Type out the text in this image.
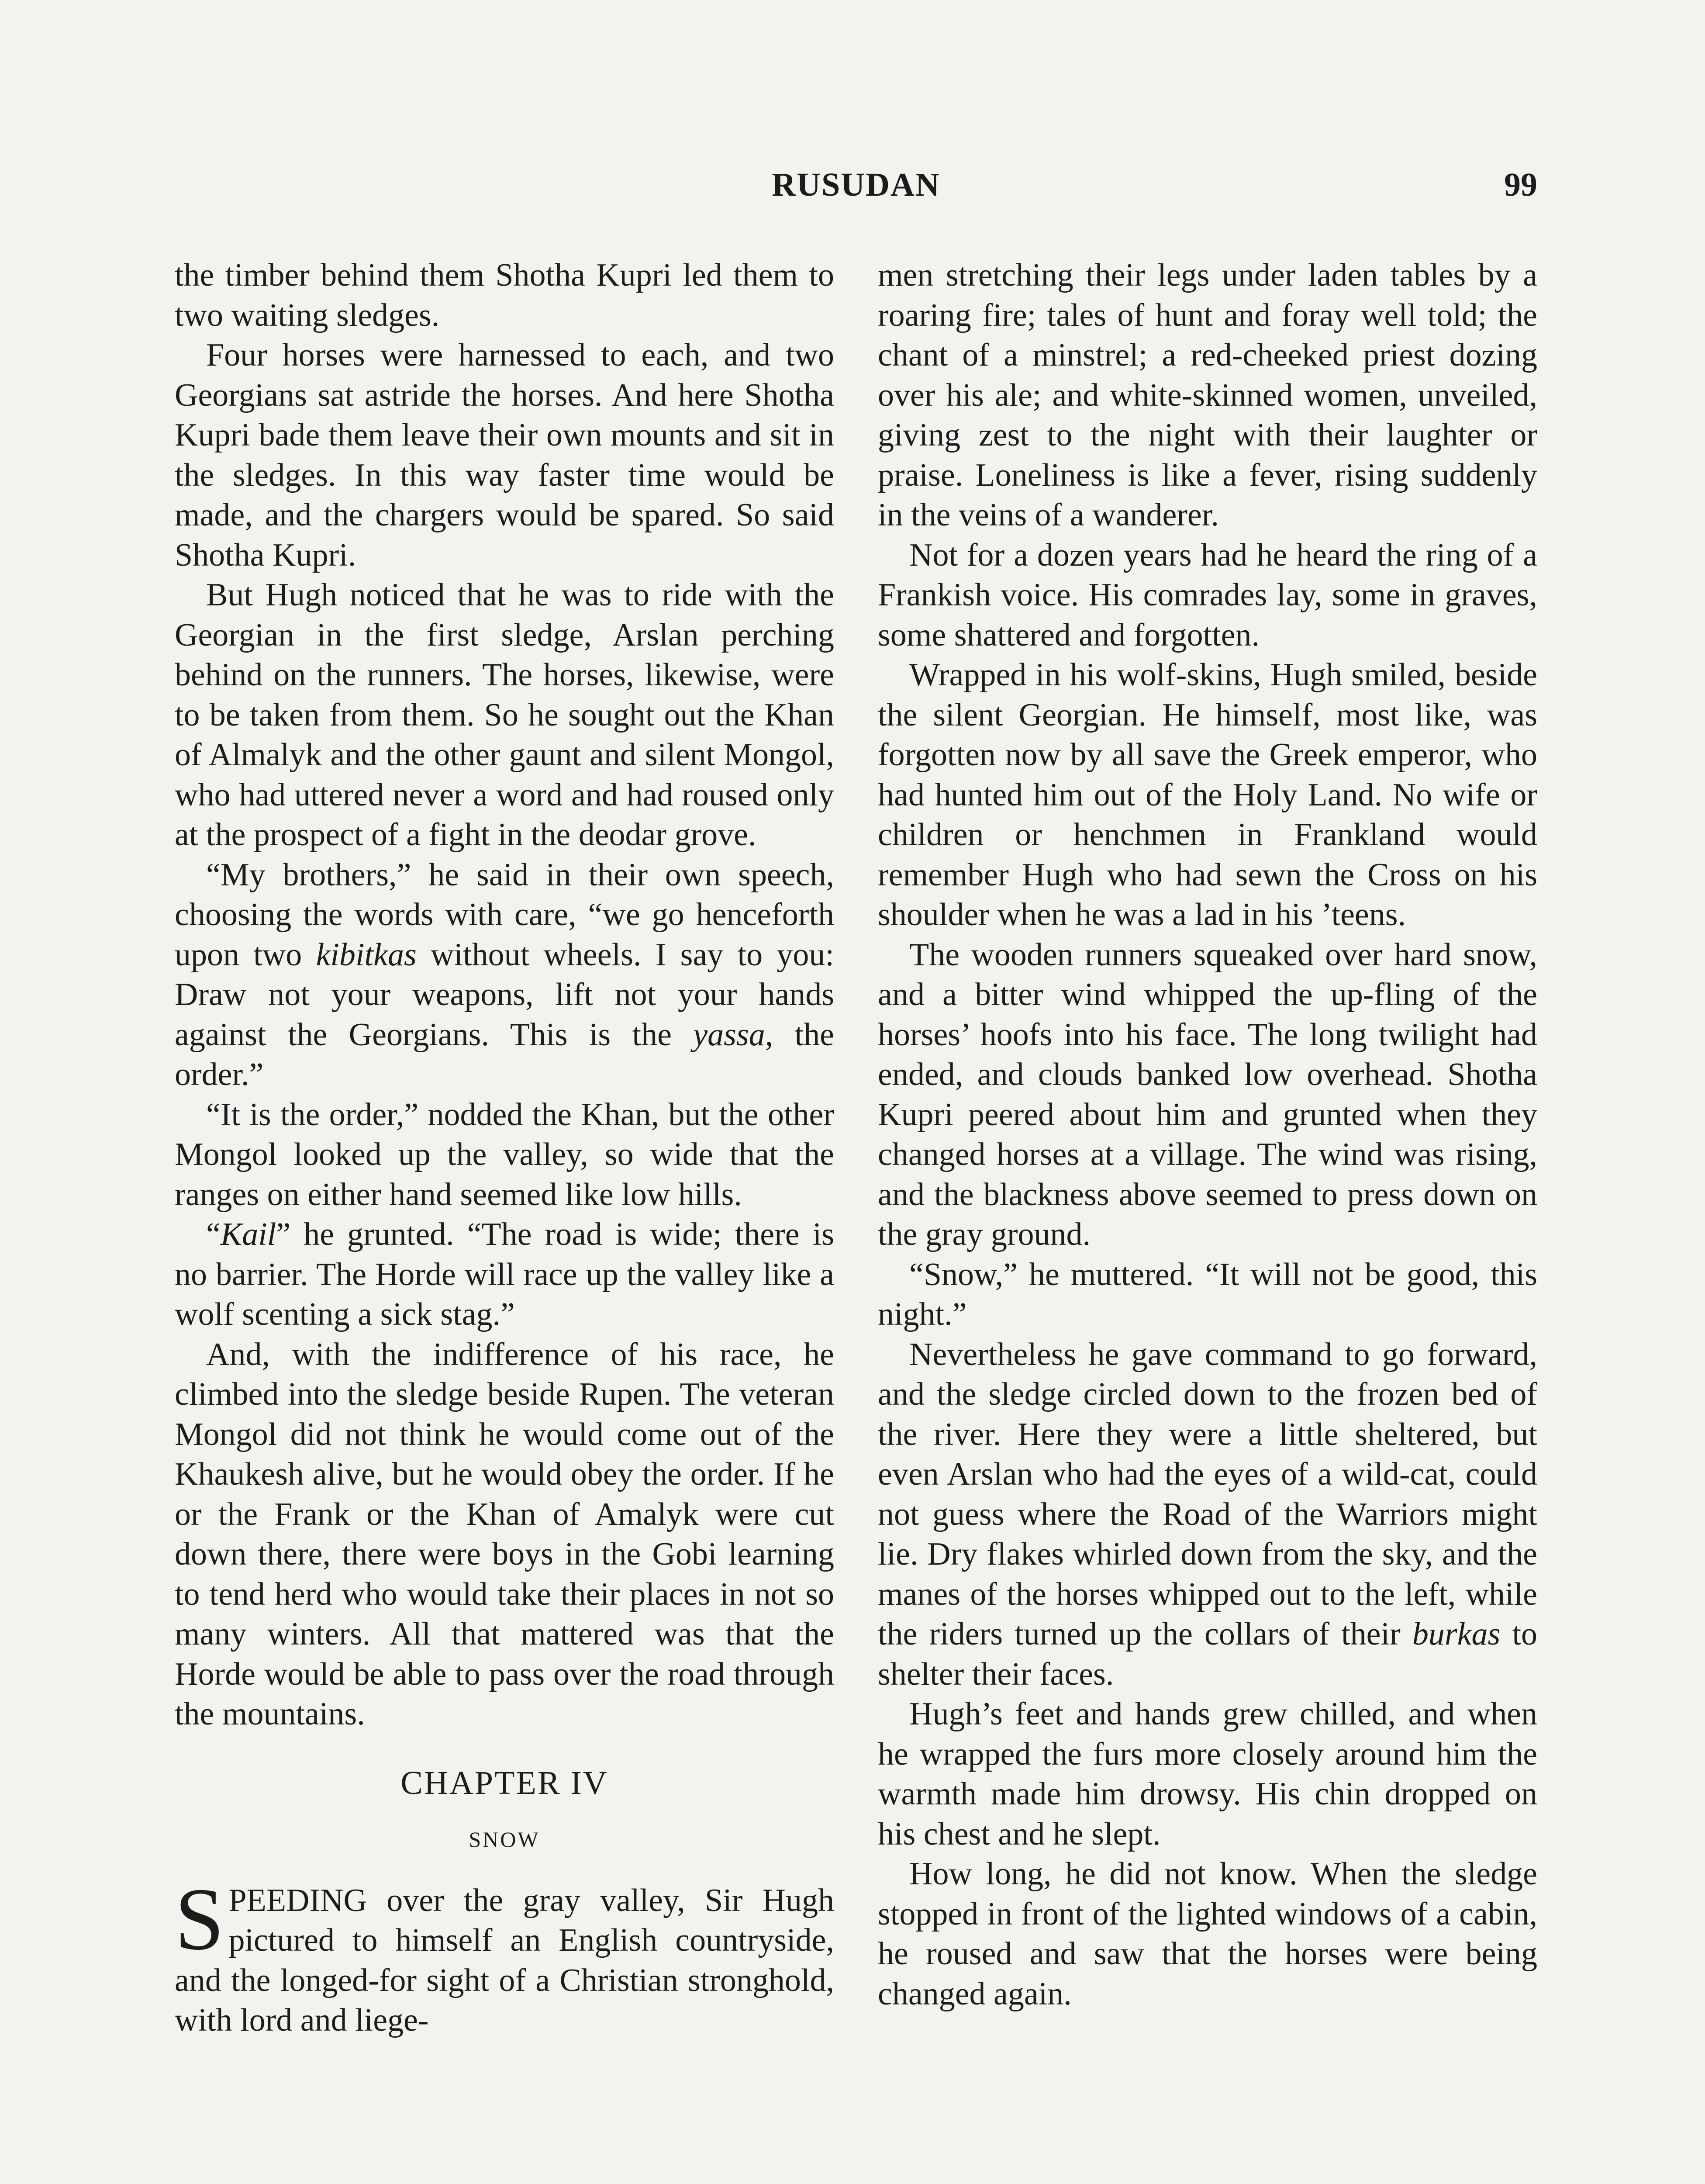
RUSUDAN	99

the timber behind them Shotha Kupri led them to two waiting sledges.

Four horses were harnessed to each, and two Georgians sat astride the horses. And here Shotha Kupri bade them leave their own mounts and sit in the sledges. In this way faster time would be made, and the chargers would be spared. So said Shotha Kupri.

But Hugh noticed that he was to ride with the Georgian in the first sledge, Arslan perching behind on the runners. The horses, likewise, were to be taken from them. So he sought out the Khan of Almalyk and the other gaunt and silent Mongol, who had uttered never a word and had roused only at the prospect of a fight in the deodar grove.

“My brothers,” he said in their own speech, choosing the words with care, “we go henceforth upon two kibitkas without wheels. I say to you: Draw not your weapons, lift not your hands against the Georgians. This is the yassa, the order.”

“It is the order,” nodded the Khan, but the other Mongol looked up the valley, so wide that the ranges on either hand seemed like low hills.

“Kail” he grunted. “The road is wide; there is no barrier. The Horde will race up the valley like a wolf scenting a sick stag.”

And, with the indifference of his race, he climbed into the sledge beside Rupen. The veteran Mongol did not think he would come out of the Khaukesh alive, but he would obey the order. If he or the Frank or the Khan of Amalyk were cut down there, there were boys in the Gobi learning to tend herd who would take their places in not so many winters. All that mattered was that the Horde would be able to pass over the road through the mountains.

CHAPTER IV
SNOW

SPEEDING over the gray valley, Sir Hugh pictured to himself an English countryside, and the longed-for sight of a Christian stronghold, with lord and liege-

men stretching their legs under laden tables by a roaring fire; tales of hunt and foray well told; the chant of a minstrel; a red-cheeked priest dozing over his ale; and white-skinned women, unveiled, giving zest to the night with their laughter or praise. Loneliness is like a fever, rising suddenly in the veins of a wanderer.

Not for a dozen years had he heard the ring of a Frankish voice. His comrades lay, some in graves, some shattered and forgotten.

Wrapped in his wolf-skins, Hugh smiled, beside the silent Georgian. He himself, most like, was forgotten now by all save the Greek emperor, who had hunted him out of the Holy Land. No wife or children or henchmen in Frankland would remember Hugh who had sewn the Cross on his shoulder when he was a lad in his ’teens.

The wooden runners squeaked over hard snow, and a bitter wind whipped the up-fling of the horses’ hoofs into his face. The long twilight had ended, and clouds banked low overhead. Shotha Kupri peered about him and grunted when they changed horses at a village. The wind was rising, and the blackness above seemed to press down on the gray ground.

“Snow,” he muttered. “It will not be good, this night.”

Nevertheless he gave command to go forward, and the sledge circled down to the frozen bed of the river. Here they were a little sheltered, but even Arslan who had the eyes of a wild-cat, could not guess where the Road of the Warriors might lie. Dry flakes whirled down from the sky, and the manes of the horses whipped out to the left, while the riders turned up the collars of their burkas to shelter their faces.

Hugh’s feet and hands grew chilled, and when he wrapped the furs more closely around him the warmth made him drowsy. His chin dropped on his chest and he slept.

How long, he did not know. When the sledge stopped in front of the lighted windows of a cabin, he roused and saw that the horses were being changed again.
